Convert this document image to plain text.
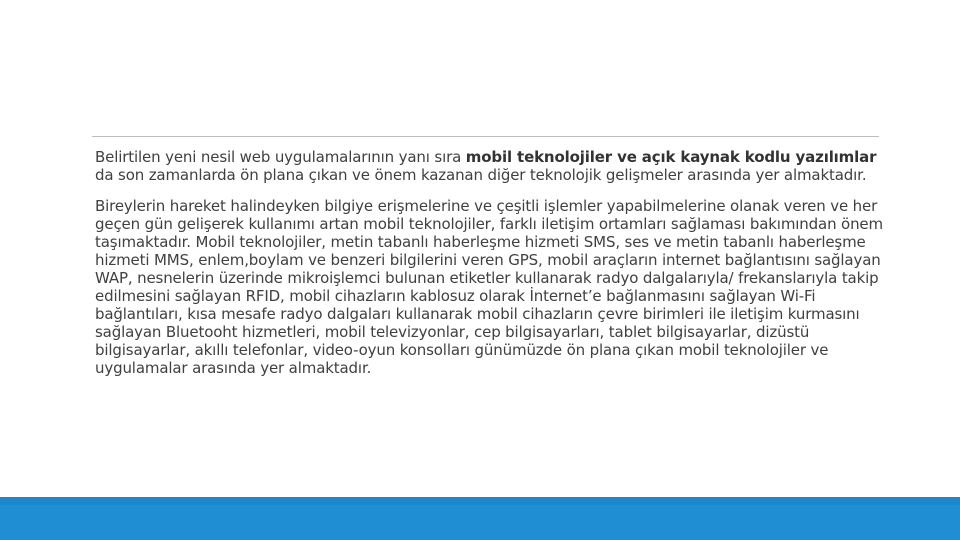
Belirtilen yeni nesil web uygulamalarının yanı sıra mobil teknolojiler ve açık kaynak kodlu yazılımlar da son zamanlarda ön plana çıkan ve önem kazanan diğer teknolojik gelişmeler arasında yer almaktadır.

Bireylerin hareket halindeyken bilgiye erişmelerine ve çeşitli işlemler yapabilmelerine olanak veren ve her geçen gün gelişerek kullanımı artan mobil teknolojiler, farklı iletişim ortamları sağlaması bakımından önem taşımaktadır. Mobil teknolojiler, metin tabanlı haberleşme hizmeti SMS, ses ve metin tabanlı haberleşme hizmeti MMS, enlem,boylam ve benzeri bilgilerini veren GPS, mobil araçların internet bağlantısını sağlayan WAP, nesnelerin üzerinde mikroişlemci bulunan etiketler kullanarak radyo dalgalarıyla/ frekanslarıyla takip edilmesini sağlayan RFID, mobil cihazların kablosuz olarak İnternet’e bağlanmasını sağlayan Wi-Fi bağlantıları, kısa mesafe radyo dalgaları kullanarak mobil cihazların çevre birimleri ile iletişim kurmasını sağlayan Bluetooht hizmetleri, mobil televizyonlar, cep bilgisayarları, tablet bilgisayarlar, dizüstü bilgisayarlar, akıllı telefonlar, video-oyun konsolları günümüzde ön plana çıkan mobil teknolojiler ve uygulamalar arasında yer almaktadır.
